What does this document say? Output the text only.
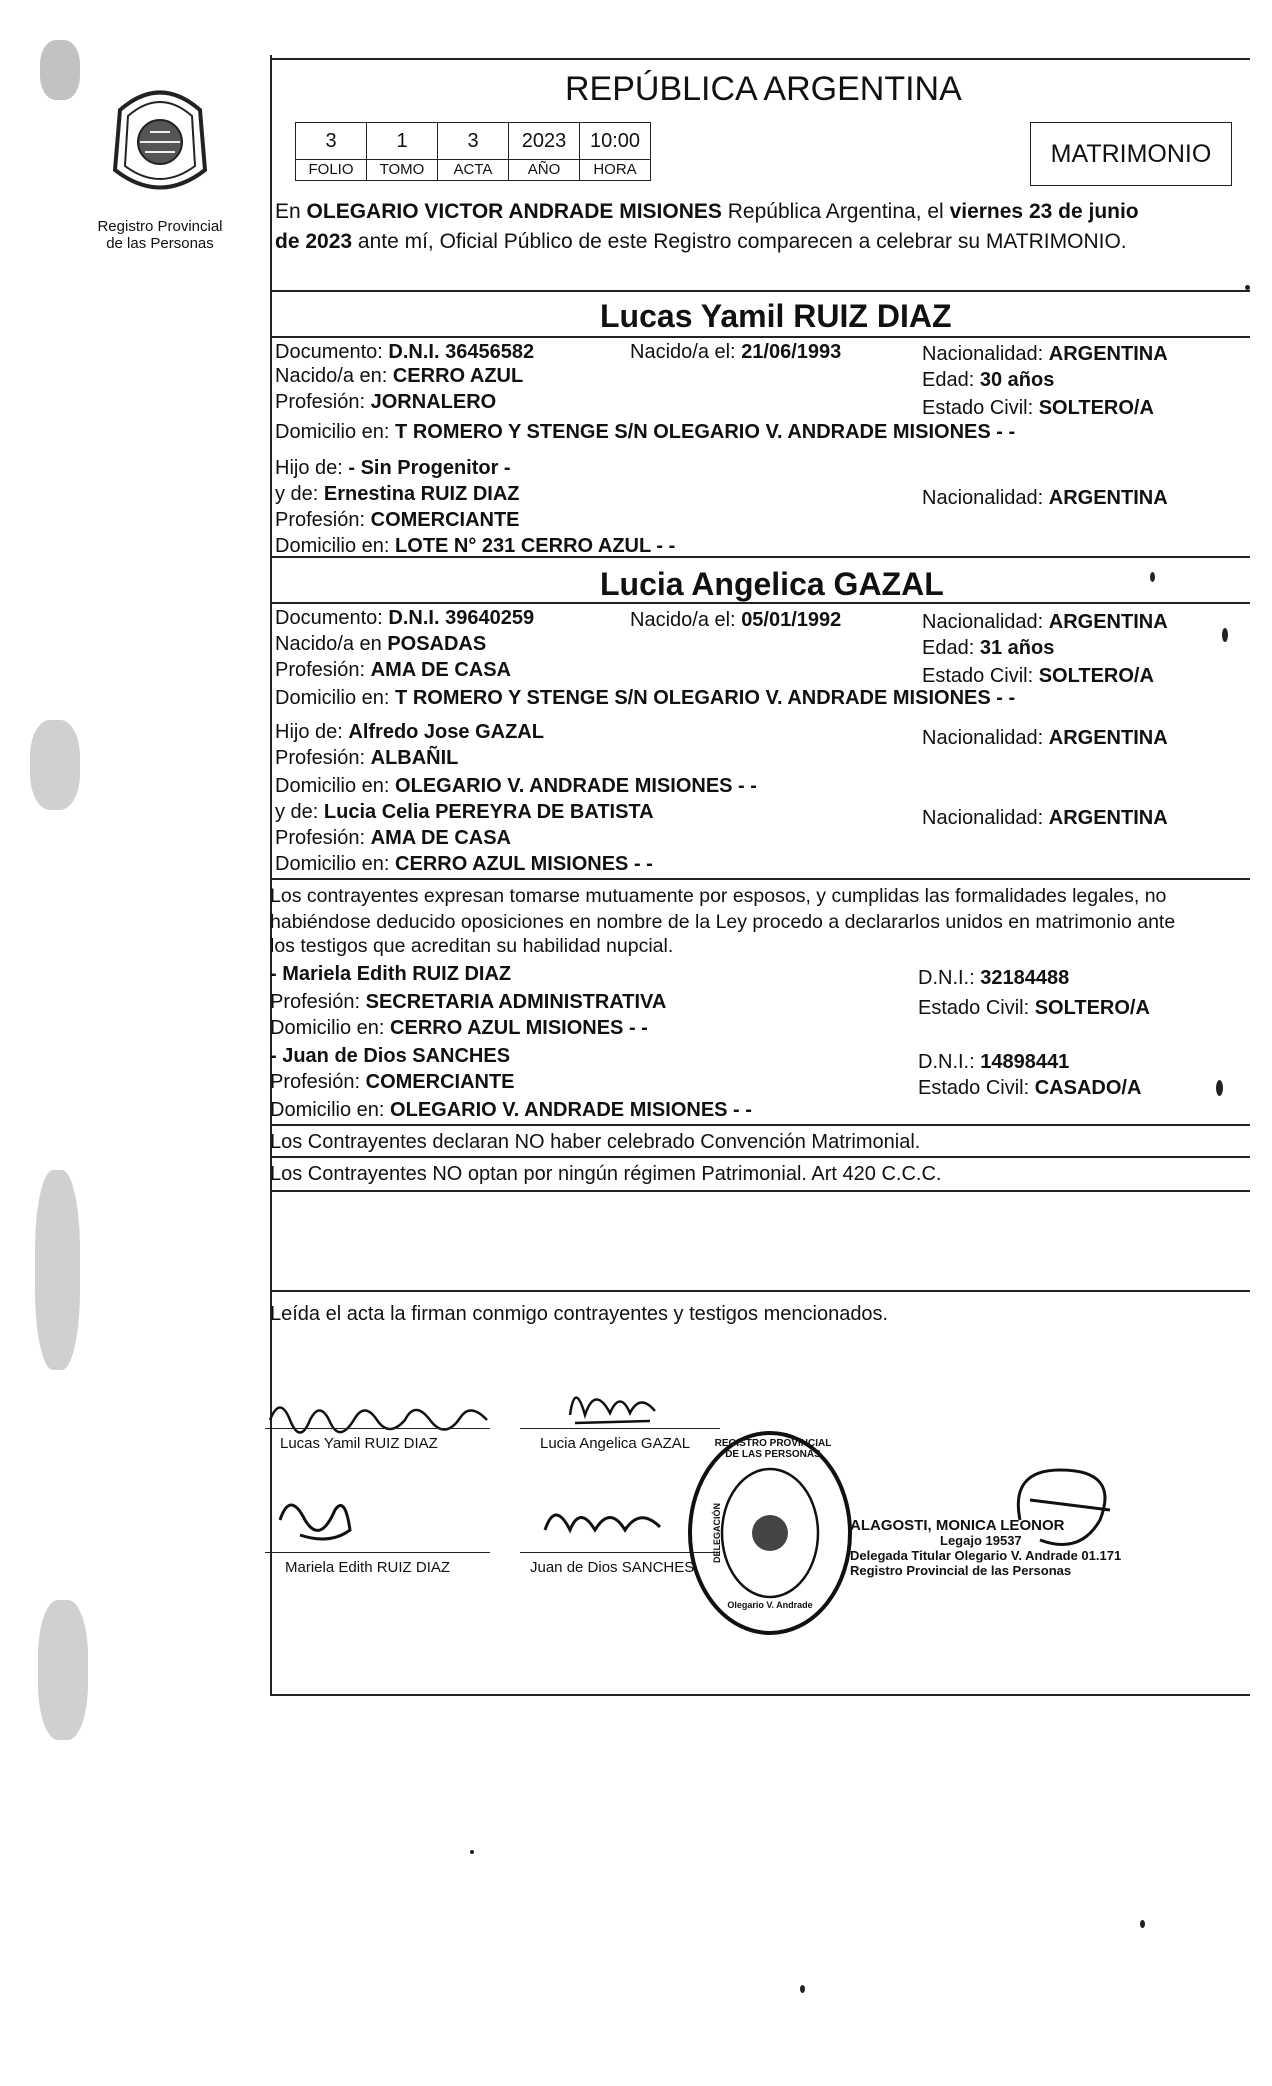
Registro Provincial
de las Personas
REPÚBLICA ARGENTINA
3	1	3	2023	10:00
FOLIO	TOMO	ACTA	AÑO	HORA
MATRIMONIO
En OLEGARIO VICTOR ANDRADE MISIONES República Argentina, el viernes 23 de junio
de 2023 ante mí, Oficial Público de este Registro comparecen a celebrar su MATRIMONIO.
Lucas Yamil RUIZ DIAZ
Documento: D.N.I. 36456582	Nacido/a el: 21/06/1993	Nacionalidad: ARGENTINA
Nacido/a en: CERRO AZUL	Edad: 30 años
Profesión: JORNALERO	Estado Civil: SOLTERO/A
Domicilio en: T ROMERO Y STENGE S/N OLEGARIO V. ANDRADE MISIONES - -
Hijo de: - Sin Progenitor -
y de: Ernestina RUIZ DIAZ	Nacionalidad: ARGENTINA
Profesión: COMERCIANTE
Domicilio en: LOTE N° 231 CERRO AZUL - -
Lucia Angelica GAZAL
Documento: D.N.I. 39640259	Nacido/a el: 05/01/1992	Nacionalidad: ARGENTINA
Nacido/a en POSADAS	Edad: 31 años
Profesión: AMA DE CASA	Estado Civil: SOLTERO/A
Domicilio en: T ROMERO Y STENGE S/N OLEGARIO V. ANDRADE MISIONES - -
Hijo de: Alfredo Jose GAZAL	Nacionalidad: ARGENTINA
Profesión: ALBAÑIL
Domicilio en: OLEGARIO V. ANDRADE MISIONES - -
y de: Lucia Celia PEREYRA DE BATISTA	Nacionalidad: ARGENTINA
Profesión: AMA DE CASA
Domicilio en: CERRO AZUL MISIONES - -
Los contrayentes expresan tomarse mutuamente por esposos, y cumplidas las formalidades legales, no
habiéndose deducido oposiciones en nombre de la Ley procedo a declararlos unidos en matrimonio ante
los testigos que acreditan su habilidad nupcial.
- Mariela Edith RUIZ DIAZ	D.N.I.: 32184488
Profesión: SECRETARIA ADMINISTRATIVA	Estado Civil: SOLTERO/A
Domicilio en: CERRO AZUL MISIONES - -
- Juan de Dios SANCHES	D.N.I.: 14898441
Profesión: COMERCIANTE	Estado Civil: CASADO/A
Domicilio en: OLEGARIO V. ANDRADE MISIONES - -
Los Contrayentes declaran NO haber celebrado Convención Matrimonial.
Los Contrayentes NO optan por ningún régimen Patrimonial. Art 420 C.C.C.
Leída el acta la firman conmigo contrayentes y testigos mencionados.
Lucas Yamil RUIZ DIAZ	Lucia Angelica GAZAL
Mariela Edith RUIZ DIAZ	Juan de Dios SANCHES
REGISTRO PROVINCIAL DE LAS PERSONAS
DELEGACIÓN
Olegario V. Andrade
ALAGOSTI, MONICA LEONOR
Legajo 19537
Delegada Titular Olegario V. Andrade 01.171
Registro Provincial de las Personas
